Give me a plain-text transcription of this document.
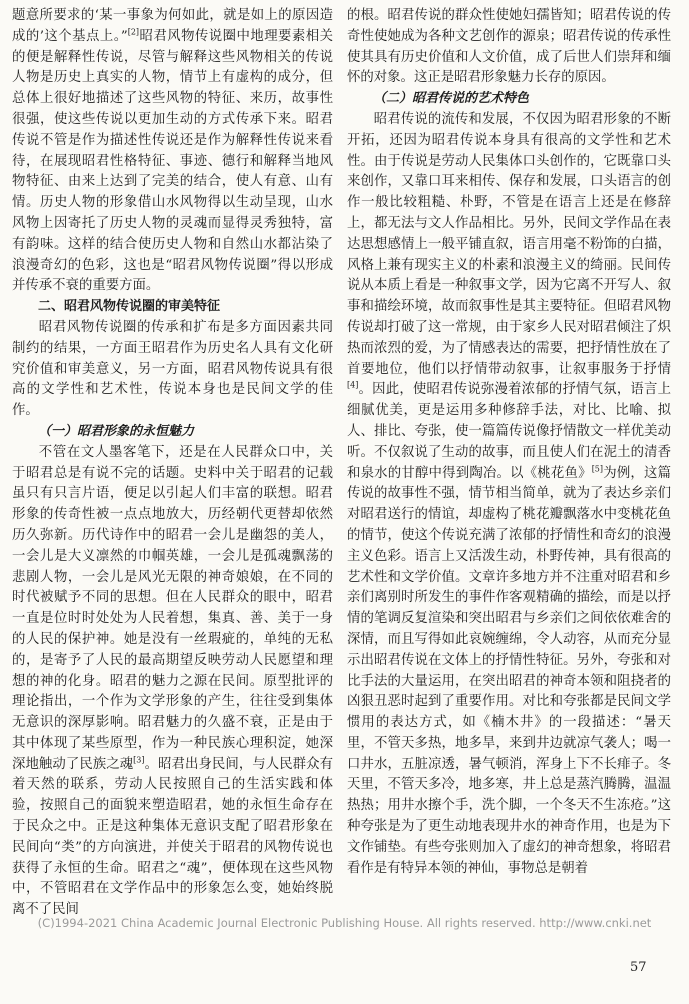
题意所要求的‘某一事象为何如此，就是如上的原因造成的’这个基点上。”[2]昭君风物传说圈中地理要素相关的便是解释性传说，尽管与解释这些风物相关的传说人物是历史上真实的人物，情节上有虚构的成分，但总体上很好地描述了这些风物的特征、来历，故事性很强，使这些传说以更加生动的方式传承下来。昭君传说不管是作为描述性传说还是作为解释性传说来看待，在展现昭君性格特征、事迹、德行和解释当地风物特征、由来上达到了完美的结合，使人有意、山有情。历史人物的形象借山水风物得以生动呈现，山水风物上因寄托了历史人物的灵魂而显得灵秀独特，富有韵味。这样的结合使历史人物和自然山水都沾染了浪漫奇幻的色彩，这也是“昭君风物传说圈”得以形成并传承不衰的重要方面。

二、昭君风物传说圈的审美特征

昭君风物传说圈的传承和扩布是多方面因素共同制约的结果，一方面王昭君作为历史名人具有文化研究价值和审美意义，另一方面，昭君风物传说具有很高的文学性和艺术性，传说本身也是民间文学的佳作。

（一）昭君形象的永恒魅力

不管在文人墨客笔下，还是在人民群众口中，关于昭君总是有说不完的话题。史料中关于昭君的记载虽只有只言片语，便足以引起人们丰富的联想。昭君形象的传奇性被一点点地放大，历经朝代更替却依然历久弥新。历代诗作中的昭君一会儿是幽怨的美人，一会儿是大义凛然的巾帼英雄，一会儿是孤魂飘荡的悲剧人物，一会儿是风光无限的神奇娘娘，在不同的时代被赋予不同的思想。但在人民群众的眼中，昭君一直是位时时处处为人民着想，集真、善、美于一身的人民的保护神。她是没有一丝瑕疵的，单纯的无私的，是寄予了人民的最高期望反映劳动人民愿望和理想的神的化身。昭君的魅力之源在民间。原型批评的理论指出，一个作为文学形象的产生，往往受到集体无意识的深厚影响。昭君魅力的久盛不衰，正是由于其中体现了某些原型，作为一种民族心理积淀，她深深地触动了民族之魂[3]。昭君出身民间，与人民群众有着天然的联系，劳动人民按照自己的生活实践和体验，按照自己的面貌来塑造昭君，她的永恒生命存在于民众之中。正是这种集体无意识支配了昭君形象在民间向“类”的方向演进，并使关于昭君的风物传说也获得了永恒的生命。昭君之“魂”，便体现在这些风物中，不管昭君在文学作品中的形象怎么变，她始终脱离不了民间

的根。昭君传说的群众性使她妇孺皆知；昭君传说的传奇性使她成为各种文艺创作的源泉；昭君传说的传承性使其具有历史价值和人文价值，成了后世人们崇拜和缅怀的对象。这正是昭君形象魅力长存的原因。

（二）昭君传说的艺术特色

昭君传说的流传和发展，不仅因为昭君形象的不断开拓，还因为昭君传说本身具有很高的文学性和艺术性。由于传说是劳动人民集体口头创作的，它既靠口头来创作，又靠口耳来相传、保存和发展，口头语言的创作一般比较粗糙、朴野，不管是在语言上还是在修辞上，都无法与文人作品相比。另外，民间文学作品在表达思想感情上一般平铺直叙，语言用毫不粉饰的白描，风格上兼有现实主义的朴素和浪漫主义的绮丽。民间传说从本质上看是一种叙事文学，因为它离不开写人、叙事和描绘环境，故而叙事性是其主要特征。但昭君风物传说却打破了这一常规，由于家乡人民对昭君倾注了炽热而浓烈的爱，为了情感表达的需要，把抒情性放在了首要地位，他们以抒情带动叙事，让叙事服务于抒情[4]。因此，使昭君传说弥漫着浓郁的抒情气氛，语言上细腻优美，更是运用多种修辞手法，对比、比喻、拟人、排比、夸张，使一篇篇传说像抒情散文一样优美动听。不仅叙说了生动的故事，而且使人们在泥土的清香和泉水的甘醇中得到陶冶。以《桃花鱼》[5]为例，这篇传说的故事性不强，情节相当简单，就为了表达乡亲们对昭君送行的情谊，却虚构了桃花瓣飘落水中变桃花鱼的情节，使这个传说充满了浓郁的抒情性和奇幻的浪漫主义色彩。语言上又活泼生动，朴野传神，具有很高的艺术性和文学价值。文章许多地方并不注重对昭君和乡亲们离别时所发生的事件作客观精确的描绘，而是以抒情的笔调反复渲染和突出昭君与乡亲们之间依依难舍的深情，而且写得如此哀婉缠绵，令人动容，从而充分显示出昭君传说在文体上的抒情性特征。另外，夸张和对比手法的大量运用，在突出昭君的神奇本领和阻挠者的凶狠丑恶时起到了重要作用。对比和夸张都是民间文学惯用的表达方式，如《楠木井》的一段描述：“暑天里，不管天多热，地多旱，来到井边就凉气袭人；喝一口井水，五脏凉透，暑气顿消，浑身上下不长痱子。冬天里，不管天多冷，地多寒，井上总是蒸汽腾腾，温温热热；用井水擦个手，洗个脚，一个冬天不生冻疮。”这种夸张是为了更生动地表现井水的神奇作用，也是为下文作铺垫。有些夸张则加入了虚幻的神奇想象，将昭君看作是有特异本领的神仙，事物总是朝着

(C)1994-2021 China Academic Journal Electronic Publishing House. All rights reserved. http://www.cnki.net
57
